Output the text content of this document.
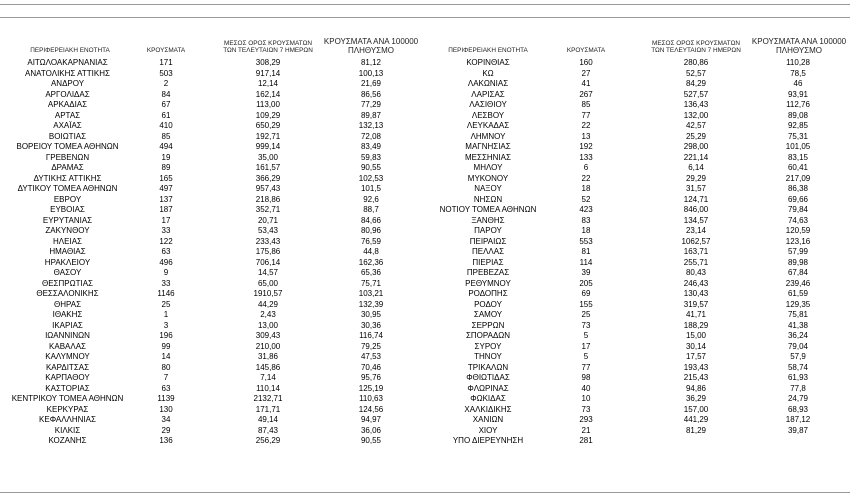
ΠΕΡΙΦΕΡΕΙΑΚΗ ΕΝΟΤΗΤΑ	ΚΡΟΥΣΜΑΤΑ
ΜΕΣΟΣ ΟΡΟΣ ΚΡΟΥΣΜΑΤΩΝ
ΤΩΝ ΤΕΛΕΥΤΑΙΩΝ 7 ΗΜΕΡΩΝ
ΚΡΟΥΣΜΑΤΑ ΑΝΑ 100000
ΠΛΗΘΥΣΜΟ	ΠΕΡΙΦΕΡΕΙΑΚΗ ΕΝΟΤΗΤΑ	ΚΡΟΥΣΜΑΤΑ
ΜΕΣΟΣ ΟΡΟΣ ΚΡΟΥΣΜΑΤΩΝ
ΤΩΝ ΤΕΛΕΥΤΑΙΩΝ 7 ΗΜΕΡΩΝ
ΚΡΟΥΣΜΑΤΑ ΑΝΑ 100000
ΠΛΗΘΥΣΜΟ
ΑΙΤΩΛΟΑΚΑΡΝΑΝΙΑΣ	171	308,29	81,12	ΚΟΡΙΝΘΙΑΣ	160	280,86	110,28
ΑΝΑΤΟΛΙΚΗΣ ΑΤΤΙΚΗΣ	503	917,14	100,13	ΚΩ	27	52,57	78,5
ΑΝΔΡΟΥ	2	12,14	21,69	ΛΑΚΩΝΙΑΣ	41	84,29	46
ΑΡΓΟΛΙΔΑΣ	84	162,14	86,56	ΛΑΡΙΣΑΣ	267	527,57	93,91
ΑΡΚΑΔΙΑΣ	67	113,00	77,29	ΛΑΣΙΘΙΟΥ	85	136,43	112,76
ΑΡΤΑΣ	61	109,29	89,87	ΛΕΣΒΟΥ	77	132,00	89,08
ΑΧΑΪΑΣ	410	650,29	132,13	ΛΕΥΚΑΔΑΣ	22	42,57	92,85
ΒΟΙΩΤΙΑΣ	85	192,71	72,08	ΛΗΜΝΟΥ	13	25,29	75,31
ΒΟΡΕΙΟΥ ΤΟΜΕΑ ΑΘΗΝΩΝ	494	999,14	83,49	ΜΑΓΝΗΣΙΑΣ	192	298,00	101,05
ΓΡΕΒΕΝΩΝ	19	35,00	59,83	ΜΕΣΣΗΝΙΑΣ	133	221,14	83,15
ΔΡΑΜΑΣ	89	161,57	90,55	ΜΗΛΟΥ	6	6,14	60,41
ΔΥΤΙΚΗΣ ΑΤΤΙΚΗΣ	165	366,29	102,53	ΜΥΚΟΝΟΥ	22	29,29	217,09
ΔΥΤΙΚΟΥ ΤΟΜΕΑ ΑΘΗΝΩΝ	497	957,43	101,5	ΝΑΞΟΥ	18	31,57	86,38
ΕΒΡΟΥ	137	218,86	92,6	ΝΗΣΩΝ	52	124,71	69,66
ΕΥΒΟΙΑΣ	187	352,71	88,7	ΝΟΤΙΟΥ ΤΟΜΕΑ ΑΘΗΝΩΝ	423	846,00	79,84
ΕΥΡΥΤΑΝΙΑΣ	17	20,71	84,66	ΞΑΝΘΗΣ	83	134,57	74,63
ΖΑΚΥΝΘΟΥ	33	53,43	80,96	ΠΑΡΟΥ	18	23,14	120,59
ΗΛΕΙΑΣ	122	233,43	76,59	ΠΕΙΡΑΙΩΣ	553	1062,57	123,16
ΗΜΑΘΙΑΣ	63	175,86	44,8	ΠΕΛΛΑΣ	81	163,71	57,99
ΗΡΑΚΛΕΙΟΥ	496	706,14	162,36	ΠΙΕΡΙΑΣ	114	255,71	89,98
ΘΑΣΟΥ	9	14,57	65,36	ΠΡΕΒΕΖΑΣ	39	80,43	67,84
ΘΕΣΠΡΩΤΙΑΣ	33	65,00	75,71	ΡΕΘΥΜΝΟΥ	205	246,43	239,46
ΘΕΣΣΑΛΟΝΙΚΗΣ	1146	1910,57	103,21	ΡΟΔΟΠΗΣ	69	130,43	61,59
ΘΗΡΑΣ	25	44,29	132,39	ΡΟΔΟΥ	155	319,57	129,35
ΙΘΑΚΗΣ	1	2,43	30,95	ΣΑΜΟΥ	25	41,71	75,81
ΙΚΑΡΙΑΣ	3	13,00	30,36	ΣΕΡΡΩΝ	73	188,29	41,38
ΙΩΑΝΝΙΝΩΝ	196	309,43	116,74	ΣΠΟΡΑΔΩΝ	5	15,00	36,24
ΚΑΒΑΛΑΣ	99	210,00	79,25	ΣΥΡΟΥ	17	30,14	79,04
ΚΑΛΥΜΝΟΥ	14	31,86	47,53	ΤΗΝΟΥ	5	17,57	57,9
ΚΑΡΔΙΤΣΑΣ	80	145,86	70,46	ΤΡΙΚΑΛΩΝ	77	193,43	58,74
ΚΑΡΠΑΘΟΥ	7	7,14	95,76	ΦΘΙΩΤΙΔΑΣ	98	215,43	61,93
ΚΑΣΤΟΡΙΑΣ	63	110,14	125,19	ΦΛΩΡΙΝΑΣ	40	94,86	77,8
ΚΕΝΤΡΙΚΟΥ ΤΟΜΕΑ ΑΘΗΝΩΝ	1139	2132,71	110,63	ΦΩΚΙΔΑΣ	10	36,29	24,79
ΚΕΡΚΥΡΑΣ	130	171,71	124,56	ΧΑΛΚΙΔΙΚΗΣ	73	157,00	68,93
ΚΕΦΑΛΛΗΝΙΑΣ	34	49,14	94,97	ΧΑΝΙΩΝ	293	441,29	187,12
ΚΙΛΚΙΣ	29	87,43	36,06	ΧΙΟΥ	21	81,29	39,87
ΚΟΖΑΝΗΣ	136	256,29	90,55	ΥΠΟ ΔΙΕΡΕΥΝΗΣΗ	281
